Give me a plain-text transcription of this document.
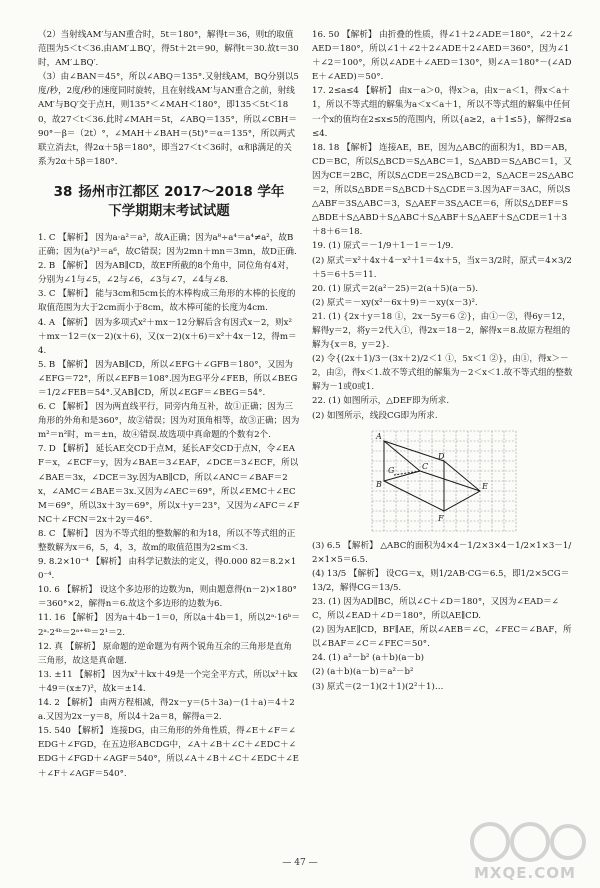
（2）当射线AM′与AN重合时，5t＝180°，解得t＝36，则t的取值范围为5＜t＜36.由AM′⊥BQ′，得5t＋2t＝90，解得t＝30.故t＝30时，AM′⊥BQ′.
（3）由∠BAN＝45°，所以∠ABQ＝135°.又射线AM，BQ分别以5度/秒，2度/秒的速度同时旋转，且在射线AM′与AN重合之前，射线AM′与BQ′交于点H，则135°＜∠MAH＜180°，即135＜5t＜180，故27＜t＜36.此时∠MAH＝5t，∠ABQ＝135°，所以∠CBH＝90°－β＝（2t）°，∠MAH＋∠BAH＝(5t)°＝α＝135°，所以两式联立消去t，得2α＋5β＝180°，即当27＜t＜36时，α和β满足的关系为2α＋5β＝180°.
38 扬州市江都区 2017～2018 学年
下学期期末考试试题
1. C 【解析】 因为a·a²＝a³，故A正确；因为a⁸÷a⁴＝a⁴≠a²，故B正确；因为(a²)³＝a⁶，故C错误；因为2mn＋mn＝3mn，故D正确.
2. B 【解析】 因为AB∥CD，故EF所截的8个角中，同位角有4对，分别为∠1与∠5，∠2与∠6，∠3与∠7，∠4与∠8.
3. C 【解析】 能与3cm和5cm长的木棒构成三角形的木棒的长度的取值范围为大于2cm而小于8cm，故木棒可能的长度为4cm.
4. A 【解析】 因为多项式x²＋mx－12分解后含有因式x－2，则x²＋mx－12＝(x－2)(x＋6)，又(x－2)(x＋6)＝x²＋4x－12，得m＝4.
5. B 【解析】 因为AB∥CD，所以∠EFG＋∠GFB＝180°，又因为∠EFG＝72°，所以∠EFB＝108°.因为EG平分∠FEB，所以∠BEG＝1/2∠FEB＝54°.又AB∥CD，所以∠EGF＝∠BEG＝54°.
6. C 【解析】 因为两直线平行，同旁内角互补，故①正确；因为三角形的外角和是360°，故②错误；因为对顶角相等，故③正确；因为m²＝n²时，m＝±n，故④错误.故选项中真命题的个数有2个.
7. D 【解析】 延长AE交CD于点M，延长AF交CD于点N，令∠EAF＝x，∠ECF＝y，因为∠BAE＝3∠EAF，∠DCE＝3∠ECF，所以∠BAE＝3x，∠DCE＝3y.因为AB∥CD，所以∠ANC＝∠BAF＝2x，∠AMC＝∠BAE＝3x.又因为∠AEC＝69°，所以∠EMC＋∠ECM＝69°，所以3x＋3y＝69°，所以x＋y＝23°，又因为∠AFC＝∠FNC＋∠FCN＝2x＋2y＝46°.
8. C 【解析】 因为不等式组的整数解的和为18，所以不等式组的正整数解为x＝6，5，4，3，故m的取值范围为2≤m＜3.
9. 8.2×10⁻⁴ 【解析】 由科学记数法的定义，得0.000 82＝8.2×10⁻⁴.
10. 6 【解析】 设这个多边形的边数为n，则由题意得(n－2)×180°＝360°×2，解得n＝6.故这个多边形的边数为6.
11. 16 【解析】 因为a＋4b－1＝0，所以a＋4b＝1，所以2ᵃ·16ᵇ＝2ᵃ·2⁴ᵇ＝2ᵃ⁺⁴ᵇ＝2¹＝2.
12. 真 【解析】 原命题的逆命题为有两个锐角互余的三角形是直角三角形，故这是真命题.
13. ±11 【解析】 因为x²＋kx＋49是一个完全平方式，所以x²＋kx＋49＝(x±7)²，故k＝±14.
14. 2 【解析】 由两方程相减，得2x－y＝(5＋3a)－(1＋a)＝4＋2a.又因为2x－y＝8，所以4＋2a＝8，解得a＝2.
15. 540 【解析】 连接DG，由三角形的外角性质，得∠E＋∠F＝∠EDG＋∠FGD，在五边形ABCDG中，∠A＋∠B＋∠C＋∠EDC＋∠EDG＋∠FGD＋∠AGF＝540°，所以∠A＋∠B＋∠C＋∠EDC＋∠E＋∠F＋∠AGF＝540°.
16. 50 【解析】 由折叠的性质，得∠1＋2∠ADE＝180°，∠2＋2∠AED＝180°，所以∠1＋∠2＋2∠ADE＋2∠AED＝360°，因为∠1＋∠2＝100°，所以∠ADE＋∠AED＝130°，则∠A＝180°－(∠ADE＋∠AED)＝50°.
17. 2≤a≤4 【解析】 由x－a＞0，得x＞a，由x－a＜1，得x＜a＋1，所以不等式组的解集为a＜x＜a＋1，所以不等式组的解集中任何一个x的值均在2≤x≤5的范围内，所以{a≥2，a＋1≤5}，解得2≤a≤4.
18. 18 【解析】 连接AE，BE，因为△ABC的面积为1，BD＝AB，CD＝BC，所以S△BCD＝S△ABC＝1，S△ABD＝S△ABC＝1，又因为CE＝2BC，所以S△CDE＝2S△BCD＝2，S△ACE＝2S△ABC＝2，所以S△BDE＝S△BCD＋S△CDE＝3.因为AF＝3AC，所以S△ABF＝3S△ABC＝3，S△AEF＝3S△ACE＝6，所以S△DEF＝S△BDE＋S△ABD＋S△ABC＋S△ABF＋S△AEF＋S△CDE＝1＋3＋8＋6＝18.
19. (1) 原式＝－1/9＋1－1＝－1/9.
(2) 原式＝x²＋4x＋4－x²＋1＝4x＋5，当x＝3/2时，原式＝4×3/2＋5＝6＋5＝11.
20. (1) 原式＝2(a²－25)＝2(a＋5)(a－5).
(2) 原式＝－xy(x²－6x＋9)＝－xy(x－3)².
21. (1) {2x＋y＝18 ①，2x－5y＝6 ②}，由①－②，得6y＝12，解得y＝2，将y＝2代入①，得2x＝18－2，解得x＝8.故原方程组的解为{x＝8，y＝2}.
(2) 令{(2x＋1)/3－(3x＋2)/2＜1 ①，5x＜1 ②}，由①，得x＞－2，由②，得x＜1.故不等式组的解集为－2＜x＜1.故不等式组的整数解为－1或0或1.
22. (1) 如图所示，△DEF即为所求.
(2) 如图所示，线段CG即为所求.
A
B
C
D
E
F
G
(3) 6.5 【解析】 △ABC的面积为4×4－1/2×3×4－1/2×1×3－1/2×1×5＝6.5.
(4) 13/5 【解析】 设CG＝x，则1/2AB·CG＝6.5，即1/2×5CG＝13/2，解得CG＝13/5.
23. (1) 因为AD∥BC，所以∠C＋∠D＝180°，又因为∠EAD＝∠C，所以∠EAD＋∠D＝180°，所以AE∥CD.
(2) 因为AE∥CD，BF∥AE，所以∠AEB＝∠C，∠FEC＝∠BAF，所以∠BAF＝∠C＝∠FEC＝50°.
24. (1) a²－b² (a＋b)(a－b)
(2) (a＋b)(a－b)＝a²－b²
(3) 原式＝(2－1)(2＋1)(2²＋1)…
— 47 —
MXQE.COM
